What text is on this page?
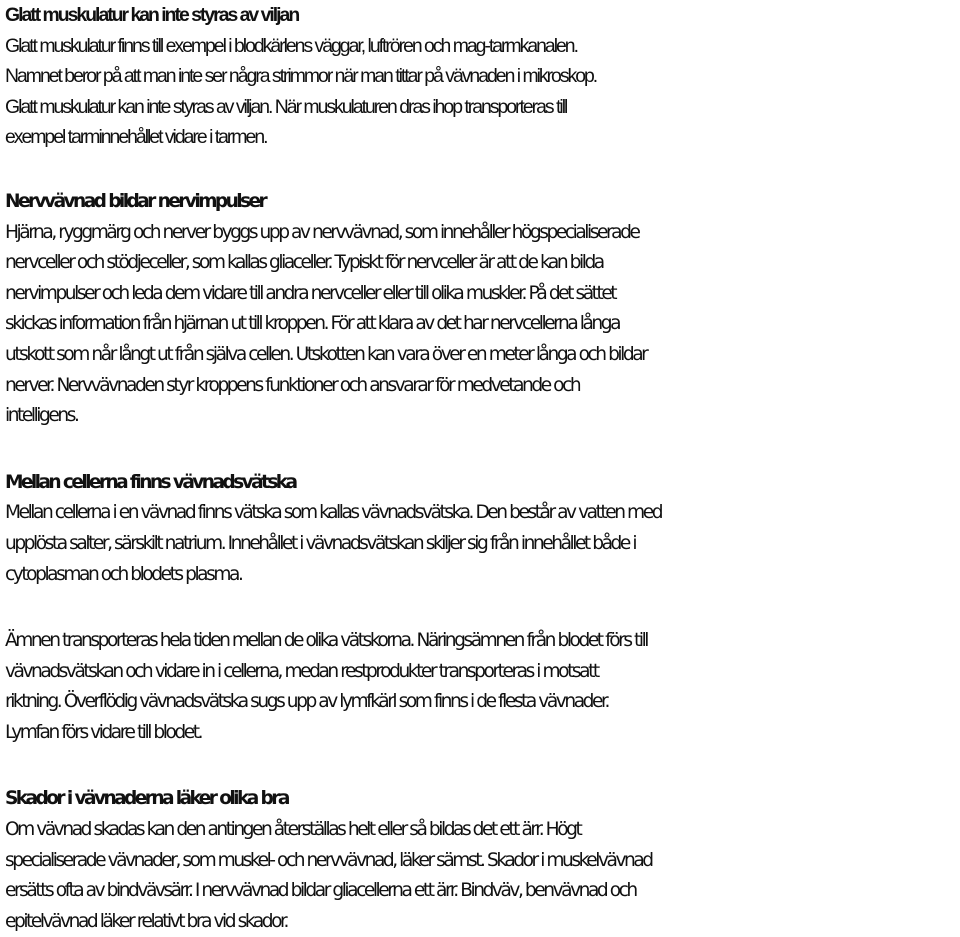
Glatt muskulatur kan inte styras av viljan
Glatt muskulatur finns till exempel i blodkärlens väggar, luftrören och mag-tarmkanalen.
Namnet beror på att man inte ser några strimmor när man tittar på vävnaden i mikroskop.
Glatt muskulatur kan inte styras av viljan. När muskulaturen dras ihop transporteras till
exempel tarminnehållet vidare i tarmen.
Nervvävnad bildar nervimpulser
Hjärna, ryggmärg och nerver byggs upp av nervvävnad, som innehåller högspecialiserade
nervceller och stödjeceller, som kallas gliaceller. Typiskt för nervceller är att de kan bilda
nervimpulser och leda dem vidare till andra nervceller eller till olika muskler. På det sättet
skickas information från hjärnan ut till kroppen. För att klara av det har nervcellerna långa
utskott som når långt ut från själva cellen. Utskotten kan vara över en meter långa och bildar
nerver. Nervvävnaden styr kroppens funktioner och ansvarar för medvetande och
intelligens.
Mellan cellerna finns vävnadsvätska
Mellan cellerna i en vävnad finns vätska som kallas vävnadsvätska. Den består av vatten med
upplösta salter, särskilt natrium. Innehållet i vävnadsvätskan skiljer sig från innehållet både i
cytoplasman och blodets plasma.
Ämnen transporteras hela tiden mellan de olika vätskorna. Näringsämnen från blodet förs till
vävnadsvätskan och vidare in i cellerna, medan restprodukter transporteras i motsatt
riktning. Överflödig vävnadsvätska sugs upp av lymfkärl som finns i de flesta vävnader.
Lymfan förs vidare till blodet.
Skador i vävnaderna läker olika bra
Om vävnad skadas kan den antingen återställas helt eller så bildas det ett ärr. Högt
specialiserade vävnader, som muskel- och nervvävnad, läker sämst. Skador i muskelvävnad
ersätts ofta av bindvävsärr. I nervvävnad bildar gliacellerna ett ärr. Bindväv, benvävnad och
epitelvävnad läker relativt bra vid skador.
